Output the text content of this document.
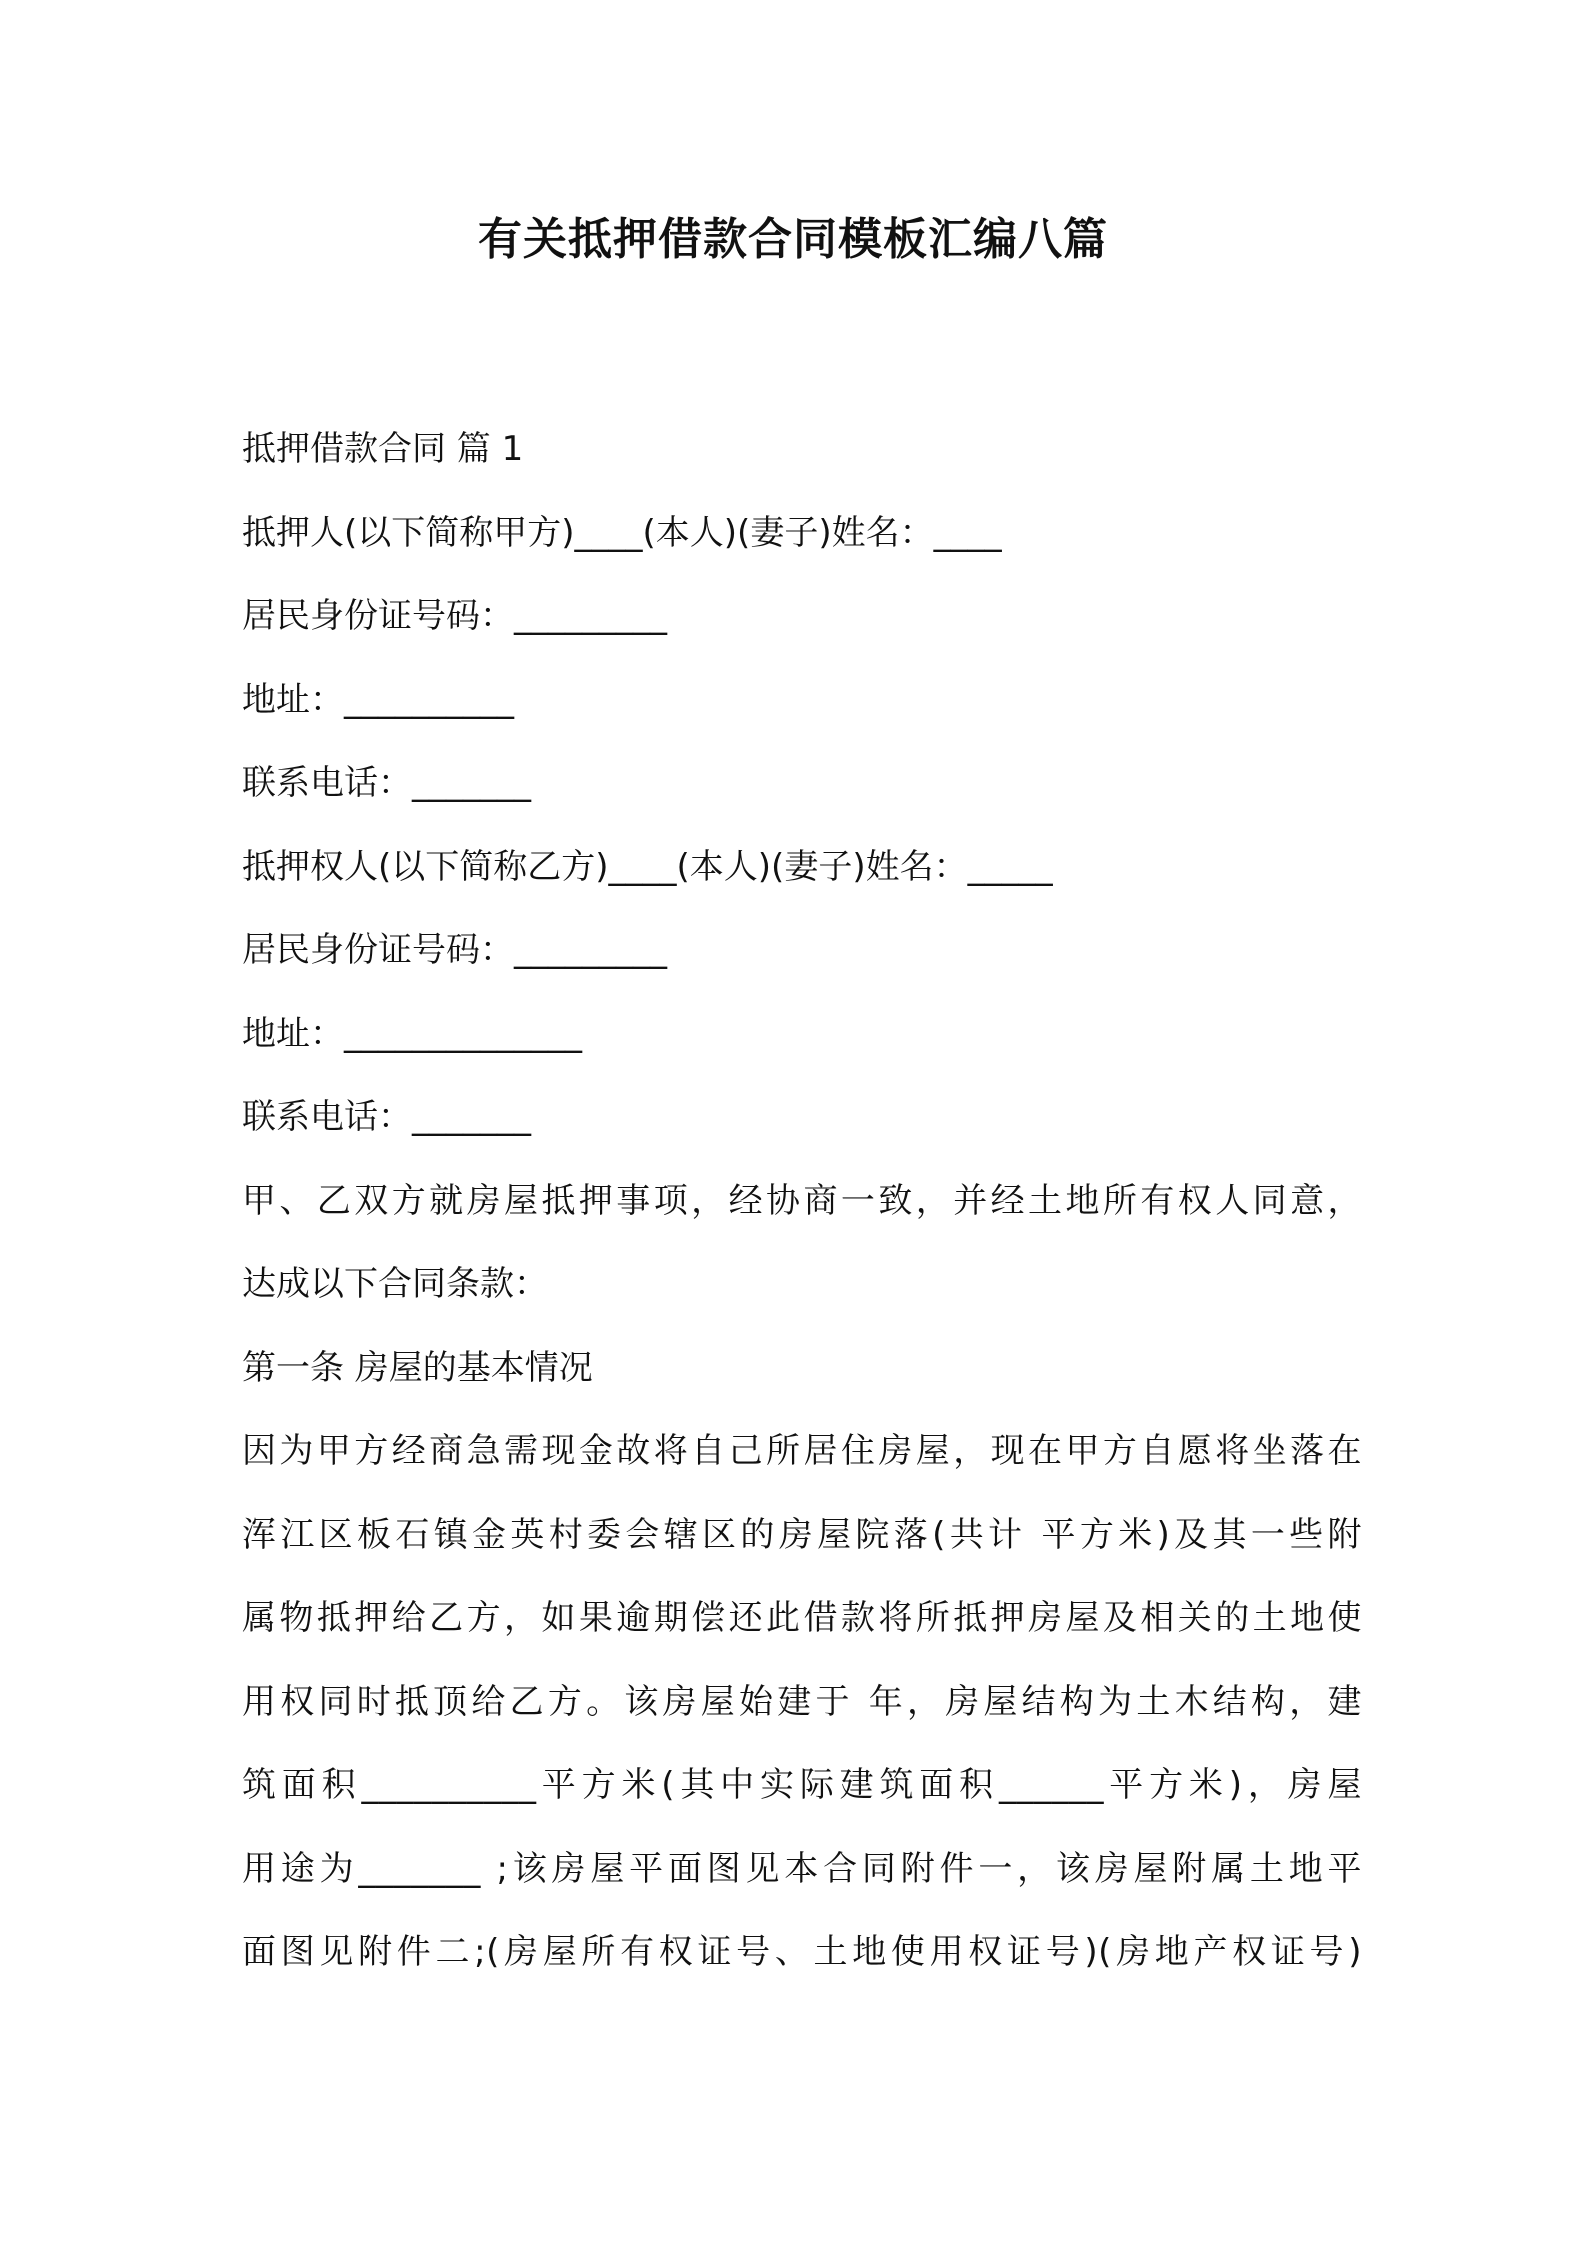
有关抵押借款合同模板汇编八篇
抵押借款合同 篇 1
抵押人(以下简称甲方)____(本人)(妻子)姓名：____
居民身份证号码：_________
地址：__________
联系电话：_______
抵押权人(以下简称乙方)____(本人)(妻子)姓名：_____
居民身份证号码：_________
地址：______________
联系电话：_______
甲、乙双方就房屋抵押事项，经协商一致，并经土地所有权人同意，
达成以下合同条款：
第一条 房屋的基本情况
因为甲方经商急需现金故将自己所居住房屋，现在甲方自愿将坐落在
浑江区板石镇金英村委会辖区的房屋院落(共计 平方米)及其一些附
属物抵押给乙方，如果逾期偿还此借款将所抵押房屋及相关的土地使
用权同时抵顶给乙方。该房屋始建于 年，房屋结构为土木结构，建
筑面积__________平方米(其中实际建筑面积______平方米)，房屋
用途为_______ ;该房屋平面图见本合同附件一，该房屋附属土地平
面图见附件二;(房屋所有权证号、土地使用权证号)(房地产权证号)
